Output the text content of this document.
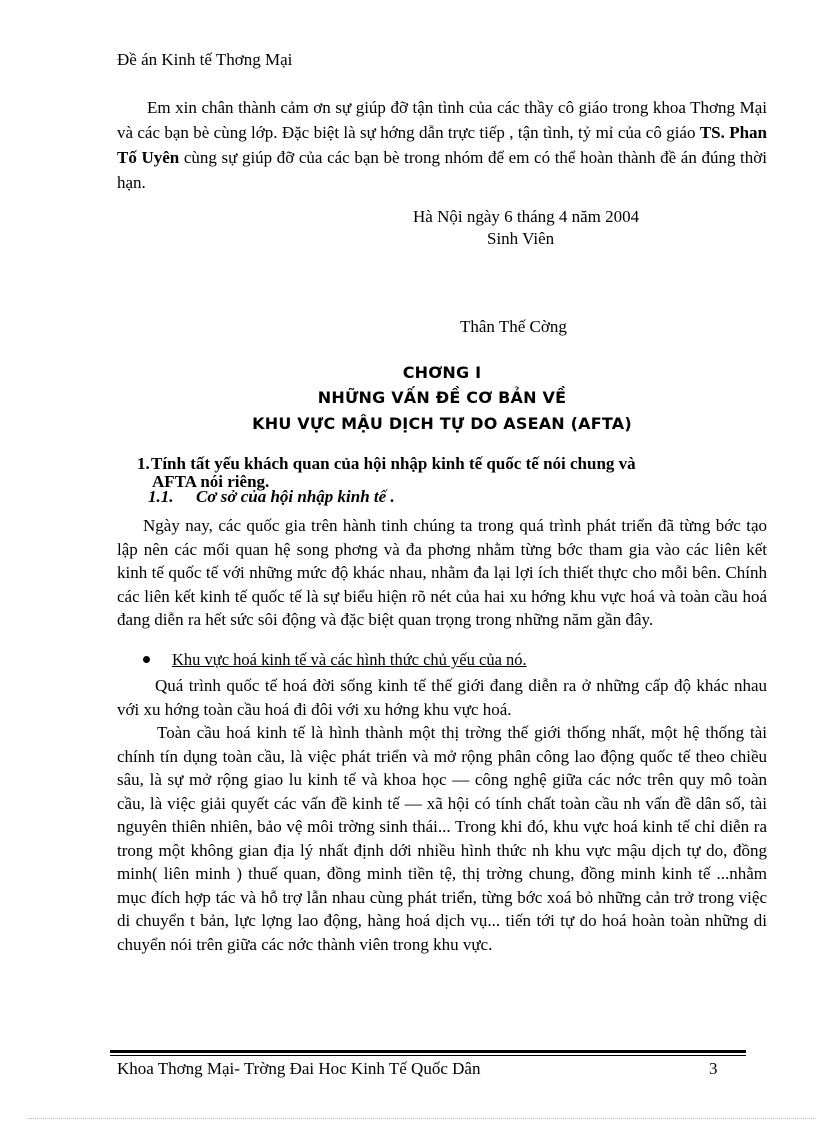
Đề án Kinh tế Thơng Mại

Em xin chân thành cảm ơn sự giúp đỡ tận tình của các thầy cô giáo trong khoa Thơng Mại và các bạn bè cùng lớp. Đặc biệt là sự hớng dẫn trực tiếp , tận tình, tỷ mỉ của cô giáo TS. Phan Tố Uyên cùng sự giúp đỡ của các bạn bè trong nhóm để em có thể hoàn thành đề án đúng thời hạn.

Hà Nội ngày 6 tháng 4 năm 2004
Sinh Viên
Thân Thế Cờng
CHƠNG I
NHỮNG VẤN ĐỀ CƠ BẢN VỀ
KHU VỰC MẬU DỊCH TỰ DO ASEAN (AFTA)
1.Tính tất yếu khách quan của hội nhập kinh tế quốc tế nói chung và
AFTA nói riêng.
1.1. Cơ sở của hội nhập kinh tế .

Ngày nay, các quốc gia trên hành tinh chúng ta trong quá trình phát triển đã từng bớc tạo lập nên các mối quan hệ song phơng và đa phơng nhằm từng bớc tham gia vào các liên kết kinh tế quốc tế với những mức độ khác nhau, nhằm đa lại lợi ích thiết thực cho mỗi bên. Chính các liên kết kinh tế quốc tế là sự biểu hiện rõ nét của hai xu hớng khu vực hoá và toàn cầu hoá đang diễn ra hết sức sôi động và đặc biệt quan trọng trong những năm gần đây.

Khu vực hoá kinh tế và các hình thức chủ yếu của nó.

Quá trình quốc tế hoá đời sống kinh tế thế giới đang diễn ra ở những cấp độ khác nhau với xu hớng toàn cầu hoá đi đôi với xu hớng khu vực hoá.

Toàn cầu hoá kinh tế là hình thành một thị trờng thế giới thống nhất, một hệ thống tài chính tín dụng toàn cầu, là việc phát triển và mở rộng phân công lao động quốc tế theo chiều sâu, là sự mở rộng giao lu kinh tế và khoa học — công nghệ giữa các nớc trên quy mô toàn cầu, là việc giải quyết các vấn đề kinh tế — xã hội có tính chất toàn cầu nh vấn đề dân số, tài nguyên thiên nhiên, bảo vệ môi trờng sinh thái... Trong khi đó, khu vực hoá kinh tế chỉ diễn ra trong một không gian địa lý nhất định dới nhiều hình thức nh khu vực mậu dịch tự do, đồng minh( liên minh ) thuế quan, đồng minh tiền tệ, thị trờng chung, đồng minh kinh tế ...nhằm mục đích hợp tác và hỗ trợ lẫn nhau cùng phát triển, từng bớc xoá bỏ những cản trở trong việc di chuyển t bản, lực lợng lao động, hàng hoá dịch vụ... tiến tới tự do hoá hoàn toàn những di chuyển nói trên giữa các nớc thành viên trong khu vực.

Khoa Thơng Mại- Trờng Đai Hoc Kinh Tế Quốc Dân	3
